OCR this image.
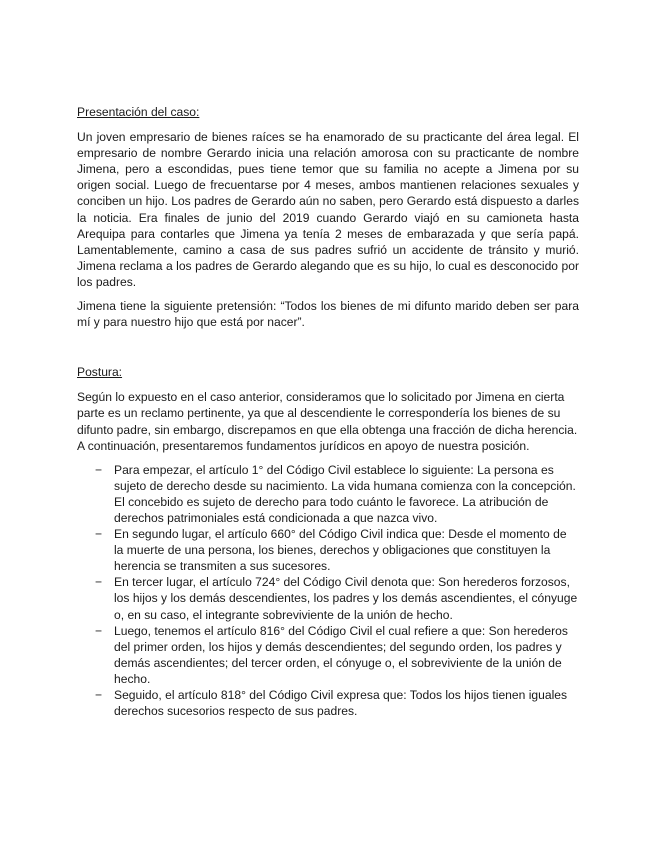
Presentación del caso:
Un joven empresario de bienes raíces se ha enamorado de su practicante del área legal. El empresario de nombre Gerardo inicia una relación amorosa con su practicante de nombre Jimena, pero a escondidas, pues tiene temor que su familia no acepte a Jimena por su origen social. Luego de frecuentarse por 4 meses, ambos mantienen relaciones sexuales y conciben un hijo. Los padres de Gerardo aún no saben, pero Gerardo está dispuesto a darles la noticia. Era finales de junio del 2019 cuando Gerardo viajó en su camioneta hasta Arequipa para contarles que Jimena ya tenía 2 meses de embarazada y que sería papá. Lamentablemente, camino a casa de sus padres sufrió un accidente de tránsito y murió. Jimena reclama a los padres de Gerardo alegando que es su hijo, lo cual es desconocido por los padres.
Jimena tiene la siguiente pretensión: “Todos los bienes de mi difunto marido deben ser para mí y para nuestro hijo que está por nacer”.
Postura:
Según lo expuesto en el caso anterior, consideramos que lo solicitado por Jimena en cierta parte es un reclamo pertinente, ya que al descendiente le correspondería los bienes de su difunto padre, sin embargo, discrepamos en que ella obtenga una fracción de dicha herencia. A continuación, presentaremos fundamentos jurídicos en apoyo de nuestra posición.
− Para empezar, el artículo 1° del Código Civil establece lo siguiente: La persona es sujeto de derecho desde su nacimiento. La vida humana comienza con la concepción. El concebido es sujeto de derecho para todo cuánto le favorece. La atribución de derechos patrimoniales está condicionada a que nazca vivo.
− En segundo lugar, el artículo 660° del Código Civil indica que: Desde el momento de la muerte de una persona, los bienes, derechos y obligaciones que constituyen la herencia se transmiten a sus sucesores.
− En tercer lugar, el artículo 724° del Código Civil denota que: Son herederos forzosos, los hijos y los demás descendientes, los padres y los demás ascendientes, el cónyuge o, en su caso, el integrante sobreviviente de la unión de hecho.
− Luego, tenemos el artículo 816° del Código Civil el cual refiere a que: Son herederos del primer orden, los hijos y demás descendientes; del segundo orden, los padres y demás ascendientes; del tercer orden, el cónyuge o, el sobreviviente de la unión de hecho.
− Seguido, el artículo 818° del Código Civil expresa que: Todos los hijos tienen iguales derechos sucesorios respecto de sus padres.
